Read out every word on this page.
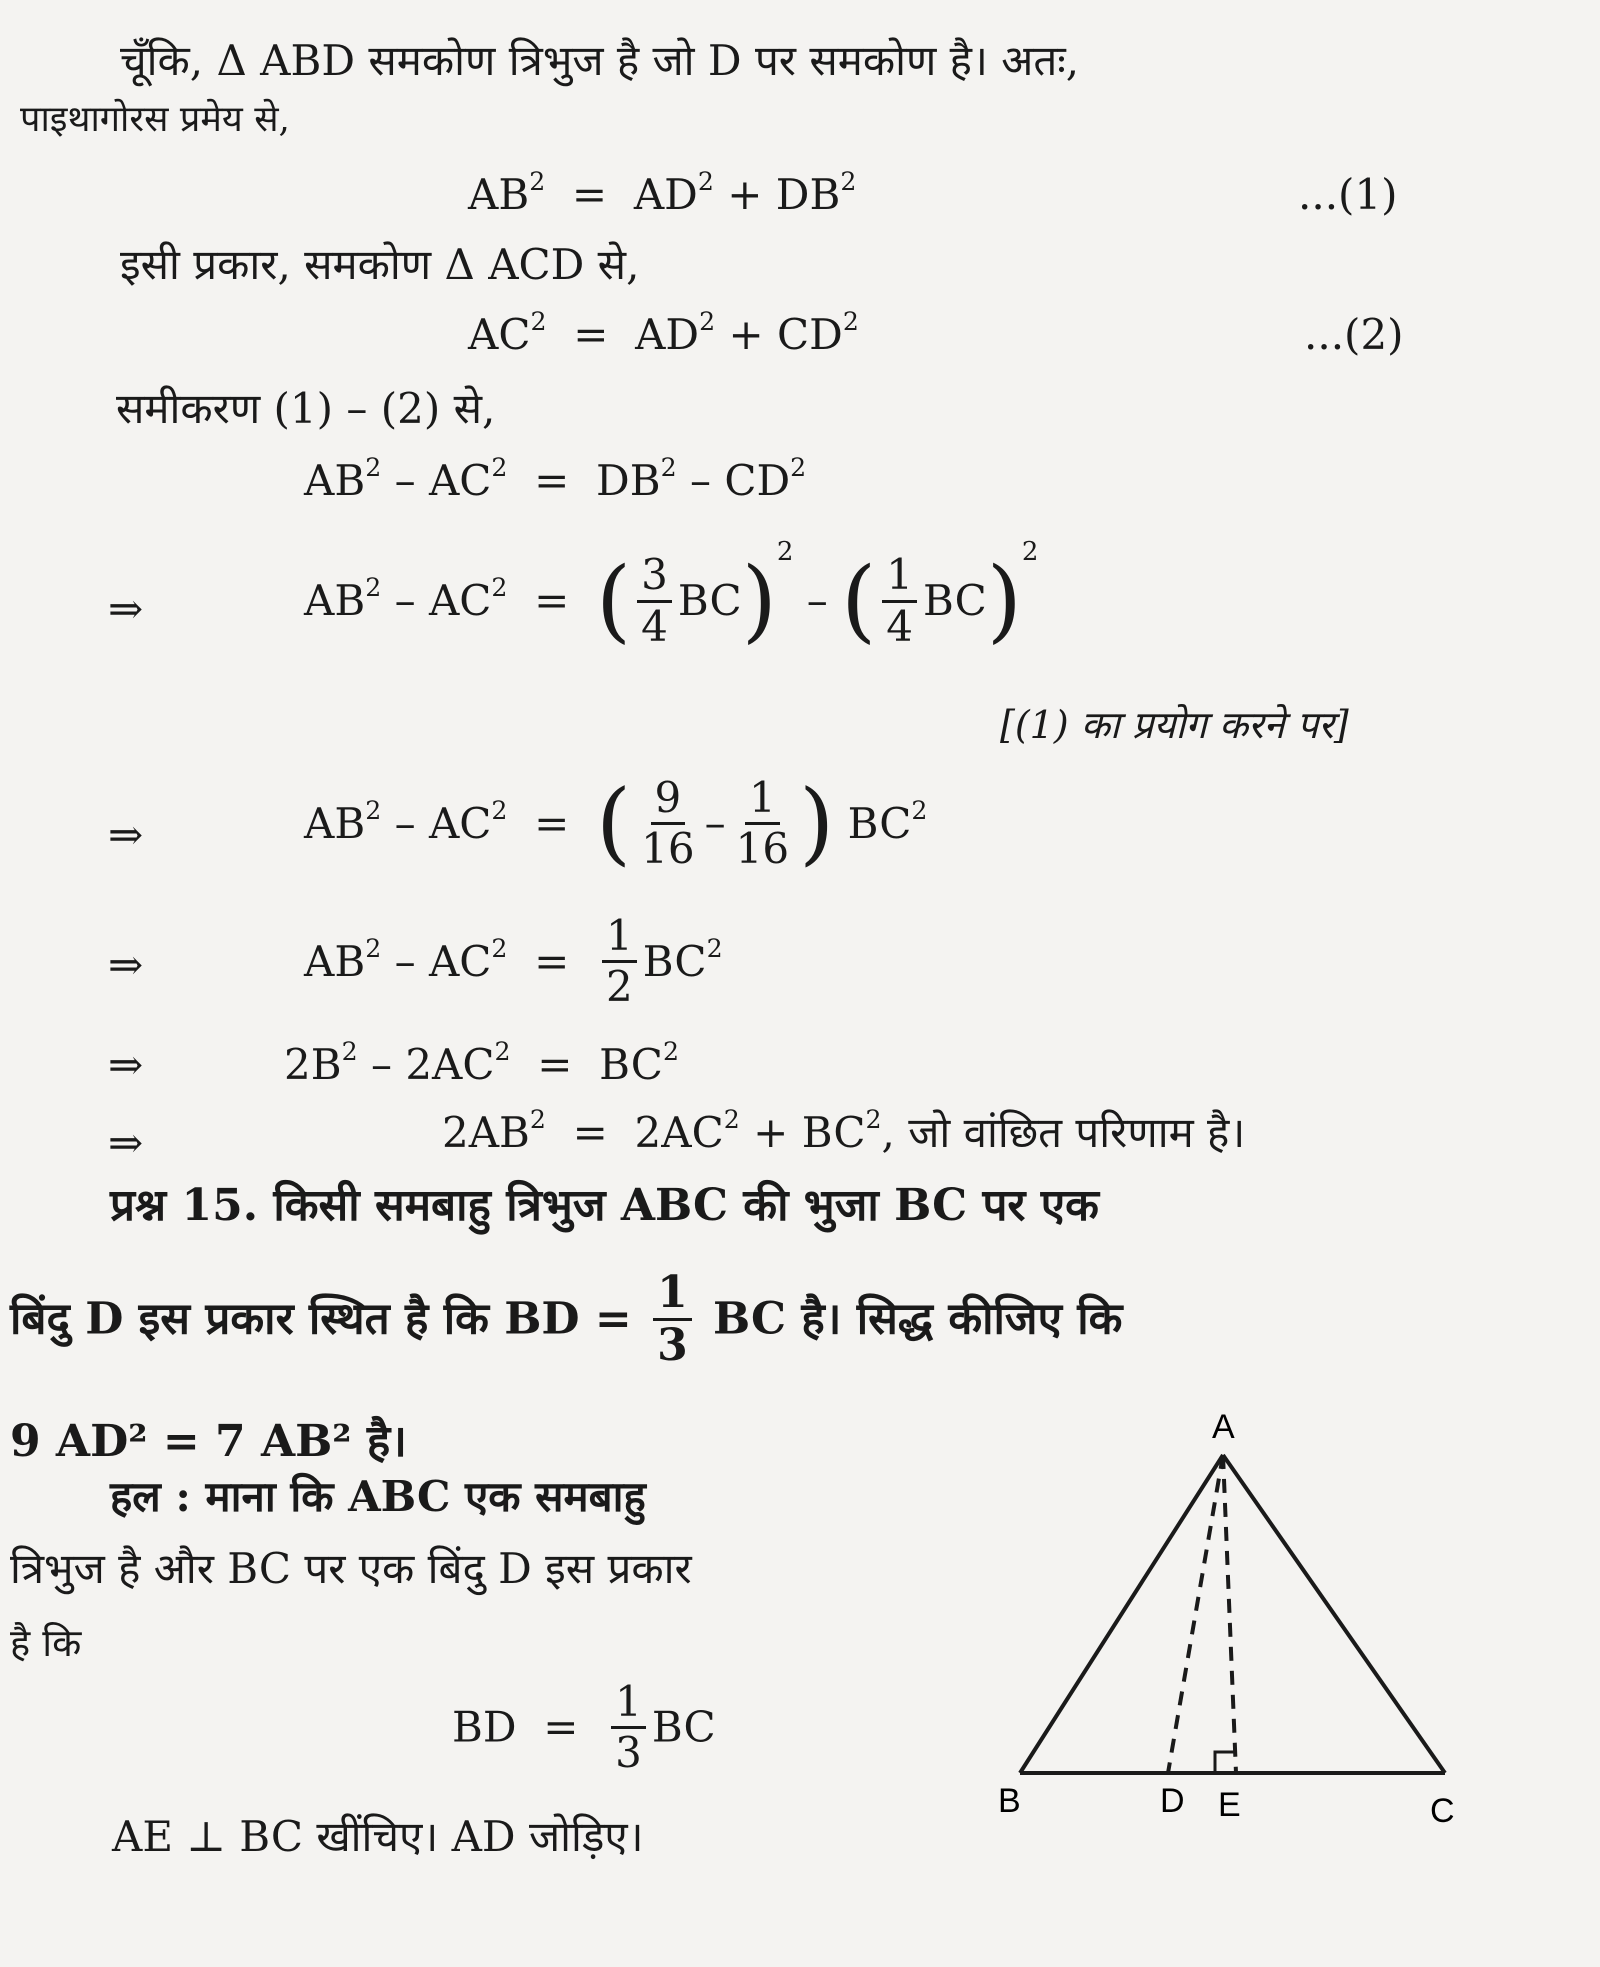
चूँकि, Δ ABD समकोण त्रिभुज है जो D पर समकोण है। अतः,
पाइथागोरस प्रमेय से,
$AB^2 = AD^2 + DB^2$	...(1)
इसी प्रकार, समकोण Δ ACD से,
$AC^2 = AD^2 + CD^2$	...(2)
समीकरण (1) – (2) से,
$AB^2 - AC^2 = DB^2 - CD^2$
⇒	$AB^2 - AC^2$  =  ( $\frac{3}{4} BC)^2$ – ( $\frac{1}{4} BC)^2$
[(1) का प्रयोग करने पर]
⇒	$AB^2 - AC^2$  =  ( $\frac{9}{16} - \frac{1}{16}$ ) $BC^2$
⇒	$AB^2 - AC^2 = \frac{1}{2} BC^2$
⇒	$2B^2 - 2AC^2 = BC^2$
⇒	$2AB^2 = 2AC^2 + BC^2$, जो वांछित परिणाम है।
प्रश्न 15. किसी समबाहु त्रिभुज ABC की भुजा BC पर एक
बिंदु D इस प्रकार स्थित है कि BD = $\frac{1}{3}$ BC है। सिद्ध कीजिए कि
9 AD² = 7 AB² है।
हल : माना कि ABC एक समबाहु
त्रिभुज है और BC पर एक बिंदु D इस प्रकार
है कि
BD  = $\frac{1}{3}$ BC
AE ⊥ BC खींचिए। AD जोड़िए।
A
B	D E	C
